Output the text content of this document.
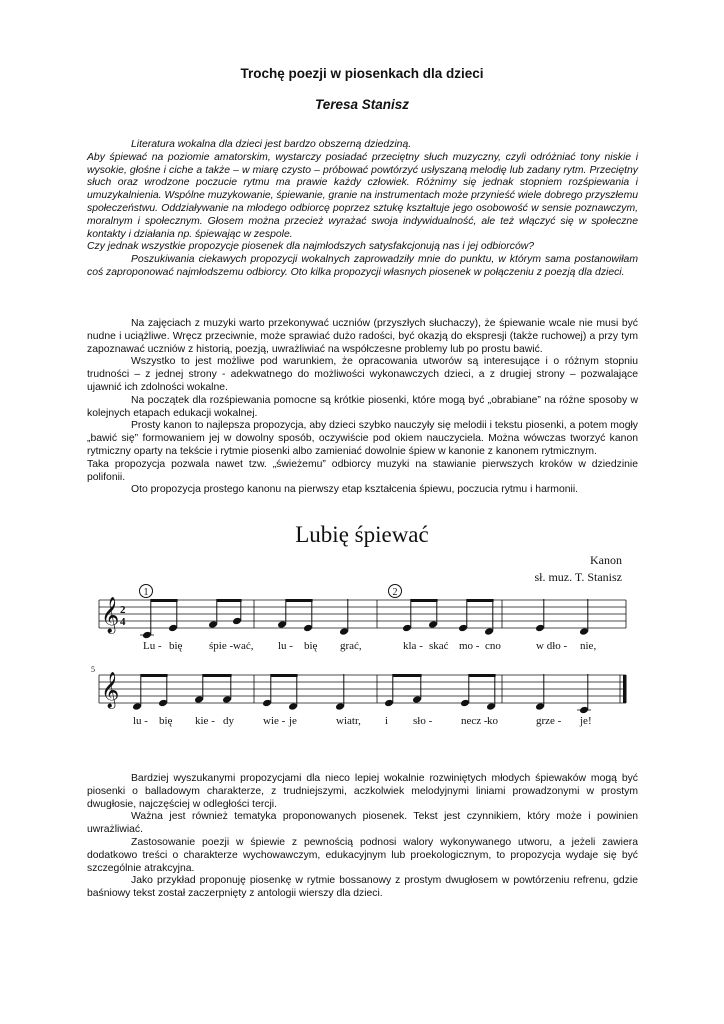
Trochę poezji w piosenkach dla dzieci
Teresa Stanisz

Literatura wokalna dla dzieci jest bardzo obszerną dziedziną.

Aby śpiewać na poziomie amatorskim, wystarczy posiadać przeciętny słuch muzyczny, czyli odróżniać tony niskie i wysokie, głośne i ciche a także – w miarę czysto – próbować powtórzyć usłyszaną melodię lub zadany rytm. Przeciętny słuch oraz wrodzone poczucie rytmu ma prawie każdy człowiek. Różnimy się jednak stopniem rozśpiewania i umuzykalnienia. Wspólne muzykowanie, śpiewanie, granie na instrumentach może przynieść wiele dobrego przyszłemu społeczeństwu. Oddziaływanie na młodego odbiorcę poprzez sztukę kształtuje jego osobowość w sensie poznawczym, moralnym i społecznym. Głosem można przecież wyrażać swoja indywidualność, ale też włączyć się w społeczne kontakty i działania np. śpiewając w zespole.

Czy jednak wszystkie propozycje piosenek dla najmłodszych satysfakcjonują nas i jej odbiorców?

Poszukiwania ciekawych propozycji wokalnych zaprowadziły mnie do punktu, w którym sama postanowiłam coś zaproponować najmłodszemu odbiorcy. Oto kilka propozycji własnych piosenek w połączeniu z poezją dla dzieci.

Na zajęciach z muzyki warto przekonywać uczniów (przyszłych słuchaczy), że śpiewanie wcale nie musi być nudne i uciążliwe. Wręcz przeciwnie, może sprawiać dużo radości, być okazją do ekspresji (także ruchowej) a przy tym zapoznawać uczniów z historią, poezją, uwrażliwiać na współczesne problemy lub po prostu bawić.

Wszystko to jest możliwe pod warunkiem, że opracowania utworów są interesujące i o różnym stopniu trudności – z jednej strony - adekwatnego do możliwości wykonawczych dzieci, a z drugiej strony – pozwalające ujawnić ich zdolności wokalne.

Na początek dla rozśpiewania pomocne są krótkie piosenki, które mogą być „obrabiane” na różne sposoby w kolejnych etapach edukacji wokalnej.

Prosty kanon to najlepsza propozycja, aby dzieci szybko nauczyły się melodii i tekstu piosenki, a potem mogły „bawić się” formowaniem jej w dowolny sposób, oczywiście pod okiem nauczyciela. Można wówczas tworzyć kanon rytmiczny oparty na tekście i rytmie piosenki albo zamieniać dowolnie śpiew w kanonie z kanonem rytmicznym.

Taka propozycja pozwala nawet tzw. „świeżemu” odbiorcy muzyki na stawianie pierwszych kroków w dziedzinie polifonii.

Oto propozycja prostego kanonu na pierwszy etap kształcenia śpiewu, poczucia rytmu i harmonii.

Lubię śpiewać
Kanon
sł. muz. T. Stanisz
1	2
𝄞 2
4
𝄞
5
Lu - bię śpie - wać, lu - bię grać,	kla - skać mo - cno	w dło - nie,
lu - bię kie - dy	wie - je	wiatr, i sło -	necz - ko	grze - je!

Bardziej wyszukanymi propozycjami dla nieco lepiej wokalnie rozwiniętych młodych śpiewaków mogą być piosenki o balladowym charakterze, z trudniejszymi, aczkolwiek melodyjnymi liniami prowadzonymi w prostym dwugłosie, najczęściej w odległości tercji.

Ważna jest również tematyka proponowanych piosenek. Tekst jest czynnikiem, który może i powinien uwrażliwiać.

Zastosowanie poezji w śpiewie z pewnością podnosi walory wykonywanego utworu, a jeżeli zawiera dodatkowo treści o charakterze wychowawczym, edukacyjnym lub proekologicznym, to propozycja wydaje się być szczególnie atrakcyjna.

Jako przykład proponuję piosenkę w rytmie bossanowy z prostym dwugłosem w powtórzeniu refrenu, gdzie baśniowy tekst został zaczerpnięty z antologii wierszy dla dzieci.
